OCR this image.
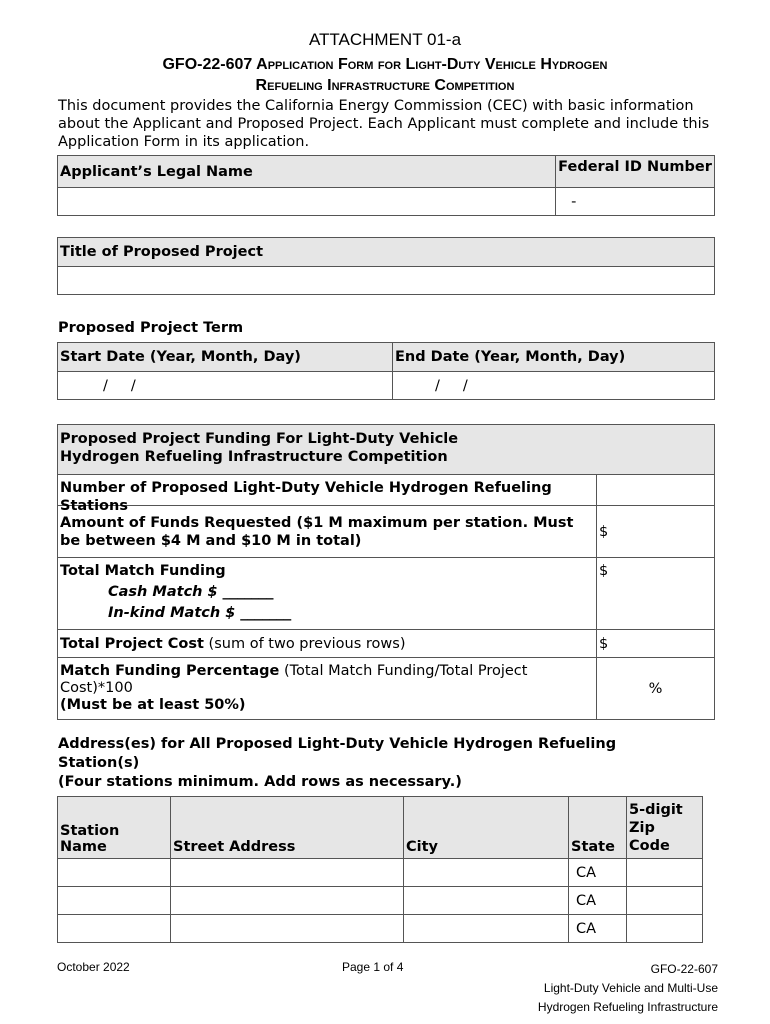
ATTACHMENT 01-a
GFO-22-607 Application Form for Light-Duty Vehicle Hydrogen
Refueling Infrastructure Competition
This document provides the California Energy Commission (CEC) with basic information about the Applicant and Proposed Project. Each Applicant must complete and include this Application Form in its application.
Applicant’s Legal Name	Federal ID Number

	-
Title of Proposed Project

Proposed Project Term
Start Date (Year, Month, Day)	End Date (Year, Month, Day)
/     /	/     /
Proposed Project Funding For Light-Duty Vehicle Hydrogen Refueling Infrastructure Competition	

Number of Proposed Light-Duty Vehicle Hydrogen Refueling Stations	

Amount of Funds Requested ($1 M maximum per station. Must be between $4 M and $10 M in total)	$

Total Match Funding
Cash Match $ _______
In-kind Match $ _______	$
Total Project Cost (sum of two previous rows)	$

Match Funding Percentage (Total Match Funding/Total Project Cost)*100
(Must be at least 50%)	%
Address(es) for All Proposed Light-Duty Vehicle Hydrogen Refueling Station(s)
(Four stations minimum. Add rows as necessary.)
Station Name	Street Address	City	State	5-digit Zip Code
			CA	
			CA	
			CA	
October 2022	Page 1 of 4	GFO-22-607
Light-Duty Vehicle and Multi-Use
Hydrogen Refueling Infrastructure
